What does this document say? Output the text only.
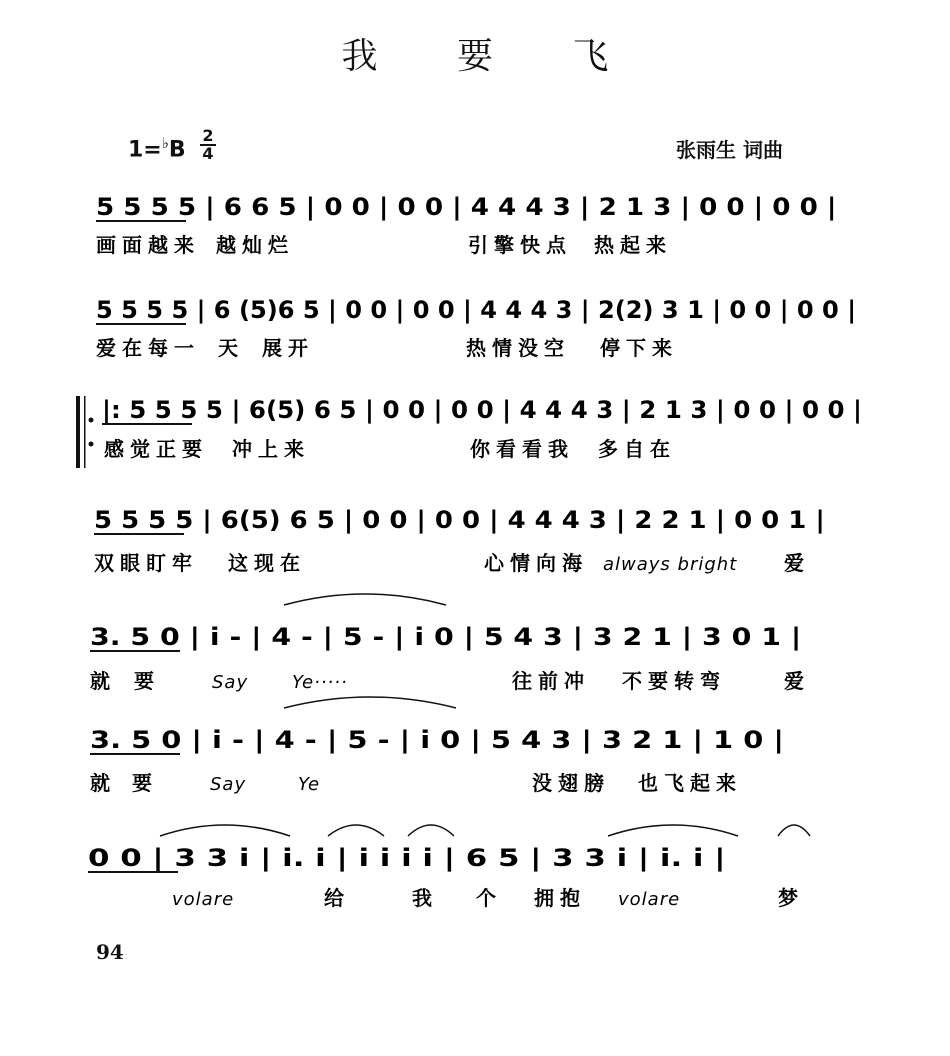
我 要 飞
1=♭B
2
4	张雨生 词曲
5 5 5 5 | 6 6 5 | 0 0 | 0 0 | 4 4 4 3 | 2 1 3 | 0 0 | 0 0 |
画面越来 越灿烂	引擎快点 热起来
5 5 5 5 | 6 (5)6 5 | 0 0 | 0 0 | 4 4 4 3 | 2(2) 3 1 | 0 0 | 0 0 |
爱在每一 天 展开	热情没空 停下来
|: 5 5 5 5 | 6(5) 6 5 | 0 0 | 0 0 | 4 4 4 3 | 2 1 3 | 0 0 | 0 0 |
感觉正要 冲上来	你看看我 多自在
5 5 5 5 | 6(5) 6 5 | 0 0 | 0 0 | 4 4 4 3 | 2 2 1 | 0 0 1 |
双眼盯牢 这现在	心情向海 always bright 爱
3. 5 0 | i - | 4 - | 5 - | i 0 | 5 4 3 | 3 2 1 | 3 0 1 |
就 要	Say Ye·····	往前冲 不要转弯	爱
3. 5 0 | i - | 4 - | 5 - | i 0 | 5 4 3 | 3 2 1 | 1 0 |
就 要	Say	Ye	没翅膀 也飞起来
0 0 | 3 3 i | i. i | i i i i | 6 5 | 3 3 i | i. i |
volare	给	我 个 拥抱 volare	梦
94
